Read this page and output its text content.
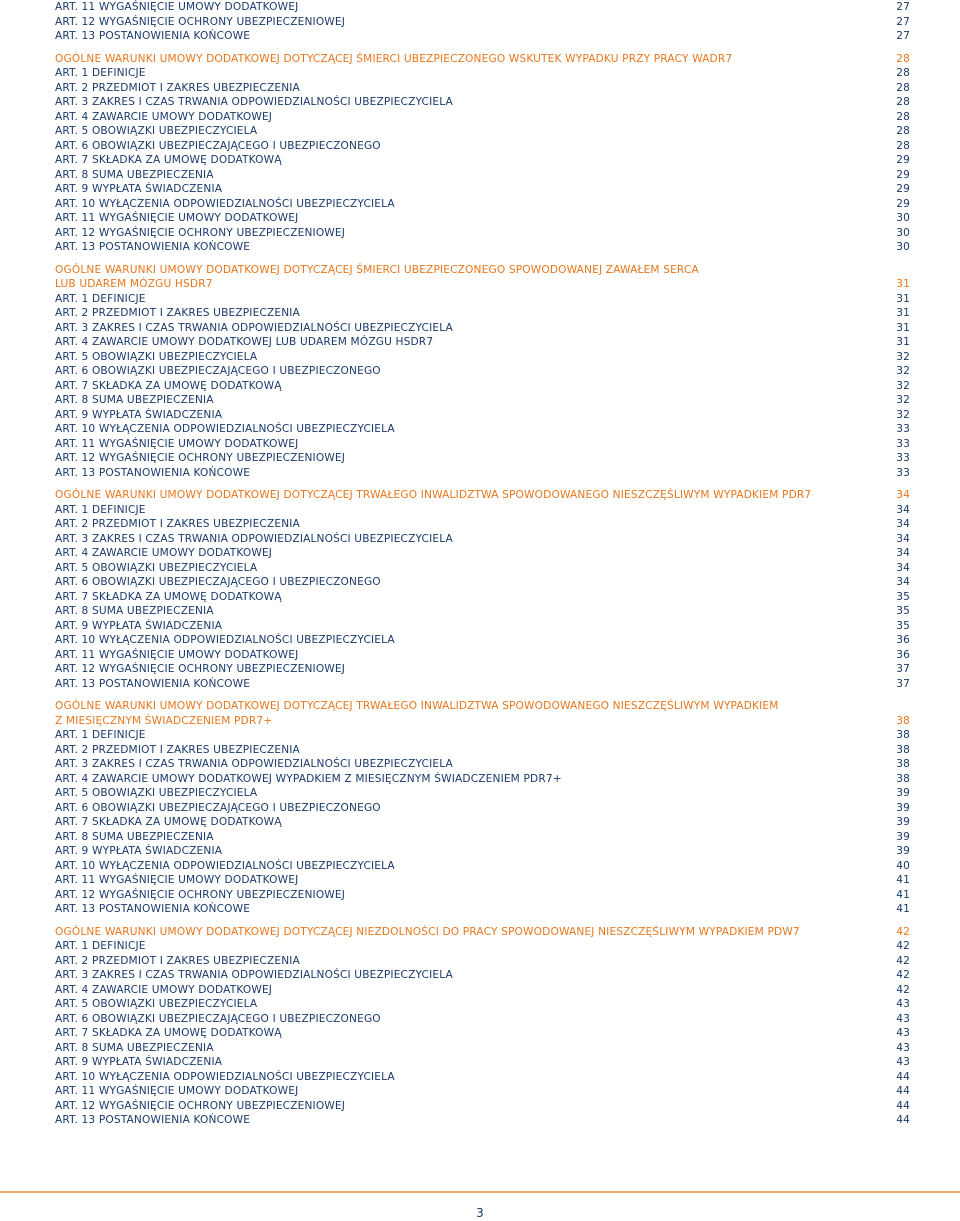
ART. 11 WYGAŚNIĘCIE UMOWY DODATKOWEJ	27
ART. 12 WYGAŚNIĘCIE OCHRONY UBEZPIECZENIOWEJ	27
ART. 13 POSTANOWIENIA KOŃCOWE	27
OGÓLNE WARUNKI UMOWY DODATKOWEJ DOTYCZĄCEJ ŚMIERCI UBEZPIECZONEGO WSKUTEK WYPADKU PRZY PRACY WADR7	28
ART. 1 DEFINICJE	28
ART. 2 PRZEDMIOT I ZAKRES UBEZPIECZENIA	28
ART. 3 ZAKRES I CZAS TRWANIA ODPOWIEDZIALNOŚCI UBEZPIECZYCIELA	28
ART. 4 ZAWARCIE UMOWY DODATKOWEJ	28
ART. 5 OBOWIĄZKI UBEZPIECZYCIELA	28
ART. 6 OBOWIĄZKI UBEZPIECZAJĄCEGO I UBEZPIECZONEGO	28
ART. 7 SKŁADKA ZA UMOWĘ DODATKOWĄ	29
ART. 8 SUMA UBEZPIECZENIA	29
ART. 9 WYPŁATA ŚWIADCZENIA	29
ART. 10 WYŁĄCZENIA ODPOWIEDZIALNOŚCI UBEZPIECZYCIELA	29
ART. 11 WYGAŚNIĘCIE UMOWY DODATKOWEJ	30
ART. 12 WYGAŚNIĘCIE OCHRONY UBEZPIECZENIOWEJ	30
ART. 13 POSTANOWIENIA KOŃCOWE	30
OGÓLNE WARUNKI UMOWY DODATKOWEJ DOTYCZĄCEJ ŚMIERCI UBEZPIECZONEGO SPOWODOWANEJ ZAWAŁEM SERCA
LUB UDAREM MÓZGU HSDR7	31
ART. 1 DEFINICJE	31
ART. 2 PRZEDMIOT I ZAKRES UBEZPIECZENIA	31
ART. 3 ZAKRES I CZAS TRWANIA ODPOWIEDZIALNOŚCI UBEZPIECZYCIELA	31
ART. 4 ZAWARCIE UMOWY DODATKOWEJ LUB UDAREM MÓZGU HSDR7	31
ART. 5 OBOWIĄZKI UBEZPIECZYCIELA	32
ART. 6 OBOWIĄZKI UBEZPIECZAJĄCEGO I UBEZPIECZONEGO	32
ART. 7 SKŁADKA ZA UMOWĘ DODATKOWĄ	32
ART. 8 SUMA UBEZPIECZENIA	32
ART. 9 WYPŁATA ŚWIADCZENIA	32
ART. 10 WYŁĄCZENIA ODPOWIEDZIALNOŚCI UBEZPIECZYCIELA	33
ART. 11 WYGAŚNIĘCIE UMOWY DODATKOWEJ	33
ART. 12 WYGAŚNIĘCIE OCHRONY UBEZPIECZENIOWEJ	33
ART. 13 POSTANOWIENIA KOŃCOWE	33
OGÓLNE WARUNKI UMOWY DODATKOWEJ DOTYCZĄCEJ TRWAŁEGO INWALIDZTWA SPOWODOWANEGO NIESZCZĘŚLIWYM WYPADKIEM PDR7	34
ART. 1 DEFINICJE	34
ART. 2 PRZEDMIOT I ZAKRES UBEZPIECZENIA	34
ART. 3 ZAKRES I CZAS TRWANIA ODPOWIEDZIALNOŚCI UBEZPIECZYCIELA	34
ART. 4 ZAWARCIE UMOWY DODATKOWEJ	34
ART. 5 OBOWIĄZKI UBEZPIECZYCIELA	34
ART. 6 OBOWIĄZKI UBEZPIECZAJĄCEGO I UBEZPIECZONEGO	34
ART. 7 SKŁADKA ZA UMOWĘ DODATKOWĄ	35
ART. 8 SUMA UBEZPIECZENIA	35
ART. 9 WYPŁATA ŚWIADCZENIA	35
ART. 10 WYŁĄCZENIA ODPOWIEDZIALNOŚCI UBEZPIECZYCIELA	36
ART. 11 WYGAŚNIĘCIE UMOWY DODATKOWEJ	36
ART. 12 WYGAŚNIĘCIE OCHRONY UBEZPIECZENIOWEJ	37
ART. 13 POSTANOWIENIA KOŃCOWE	37
OGÓLNE WARUNKI UMOWY DODATKOWEJ DOTYCZĄCEJ TRWAŁEGO INWALIDZTWA SPOWODOWANEGO NIESZCZĘŚLIWYM WYPADKIEM
Z MIESIĘCZNYM ŚWIADCZENIEM PDR7+	38
ART. 1 DEFINICJE	38
ART. 2 PRZEDMIOT I ZAKRES UBEZPIECZENIA	38
ART. 3 ZAKRES I CZAS TRWANIA ODPOWIEDZIALNOŚCI UBEZPIECZYCIELA	38
ART. 4 ZAWARCIE UMOWY DODATKOWEJ WYPADKIEM Z MIESIĘCZNYM ŚWIADCZENIEM PDR7+	38
ART. 5 OBOWIĄZKI UBEZPIECZYCIELA	39
ART. 6 OBOWIĄZKI UBEZPIECZAJĄCEGO I UBEZPIECZONEGO	39
ART. 7 SKŁADKA ZA UMOWĘ DODATKOWĄ	39
ART. 8 SUMA UBEZPIECZENIA	39
ART. 9 WYPŁATA ŚWIADCZENIA	39
ART. 10 WYŁĄCZENIA ODPOWIEDZIALNOŚCI UBEZPIECZYCIELA	40
ART. 11 WYGAŚNIĘCIE UMOWY DODATKOWEJ	41
ART. 12 WYGAŚNIĘCIE OCHRONY UBEZPIECZENIOWEJ	41
ART. 13 POSTANOWIENIA KOŃCOWE	41
OGÓLNE WARUNKI UMOWY DODATKOWEJ DOTYCZĄCEJ NIEZDOLNOŚCI DO PRACY SPOWODOWANEJ NIESZCZĘŚLIWYM WYPADKIEM PDW7	42
ART. 1 DEFINICJE	42
ART. 2 PRZEDMIOT I ZAKRES UBEZPIECZENIA	42
ART. 3 ZAKRES I CZAS TRWANIA ODPOWIEDZIALNOŚCI UBEZPIECZYCIELA	42
ART. 4 ZAWARCIE UMOWY DODATKOWEJ	42
ART. 5 OBOWIĄZKI UBEZPIECZYCIELA	43
ART. 6 OBOWIĄZKI UBEZPIECZAJĄCEGO I UBEZPIECZONEGO	43
ART. 7 SKŁADKA ZA UMOWĘ DODATKOWĄ	43
ART. 8 SUMA UBEZPIECZENIA	43
ART. 9 WYPŁATA ŚWIADCZENIA	43
ART. 10 WYŁĄCZENIA ODPOWIEDZIALNOŚCI UBEZPIECZYCIELA	44
ART. 11 WYGAŚNIĘCIE UMOWY DODATKOWEJ	44
ART. 12 WYGAŚNIĘCIE OCHRONY UBEZPIECZENIOWEJ	44
ART. 13 POSTANOWIENIA KOŃCOWE	44
3
